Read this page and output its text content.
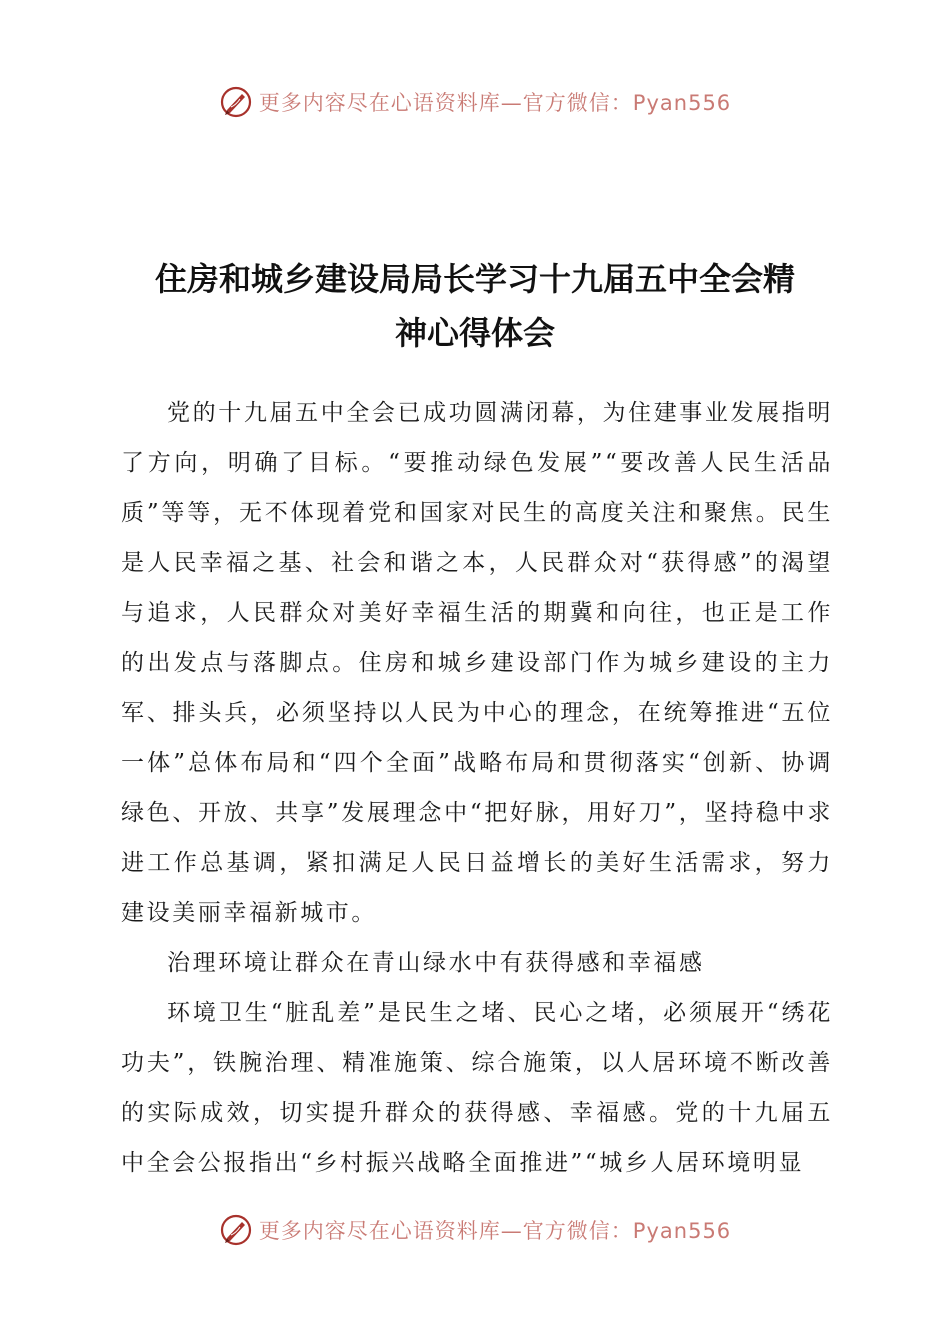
更多内容尽在心语资料库—官方微信：Pyan556
住房和城乡建设局局长学习十九届五中全会精
神心得体会

党的十九届五中全会已成功圆满闭幕，为住建事业发展指明了方向，明确了目标。“要推动绿色发展”“要改善人民生活品质”等等，无不体现着党和国家对民生的高度关注和聚焦。民生是人民幸福之基、社会和谐之本，人民群众对“获得感”的渴望与追求，人民群众对美好幸福生活的期冀和向往，也正是工作的出发点与落脚点。住房和城乡建设部门作为城乡建设的主力军、排头兵，必须坚持以人民为中心的理念，在统筹推进“五位一体”总体布局和“四个全面”战略布局和贯彻落实“创新、协调绿色、开放、共享”发展理念中“把好脉，用好刀”，坚持稳中求进工作总基调，紧扣满足人民日益增长的美好生活需求，努力建设美丽幸福新城市。

治理环境让群众在青山绿水中有获得感和幸福感

环境卫生“脏乱差”是民生之堵、民心之堵，必须展开“绣花功夫”，铁腕治理、精准施策、综合施策，以人居环境不断改善的实际成效，切实提升群众的获得感、幸福感。党的十九届五中全会公报指出“乡村振兴战略全面推进”“城乡人居环境明显

更多内容尽在心语资料库—官方微信：Pyan556
